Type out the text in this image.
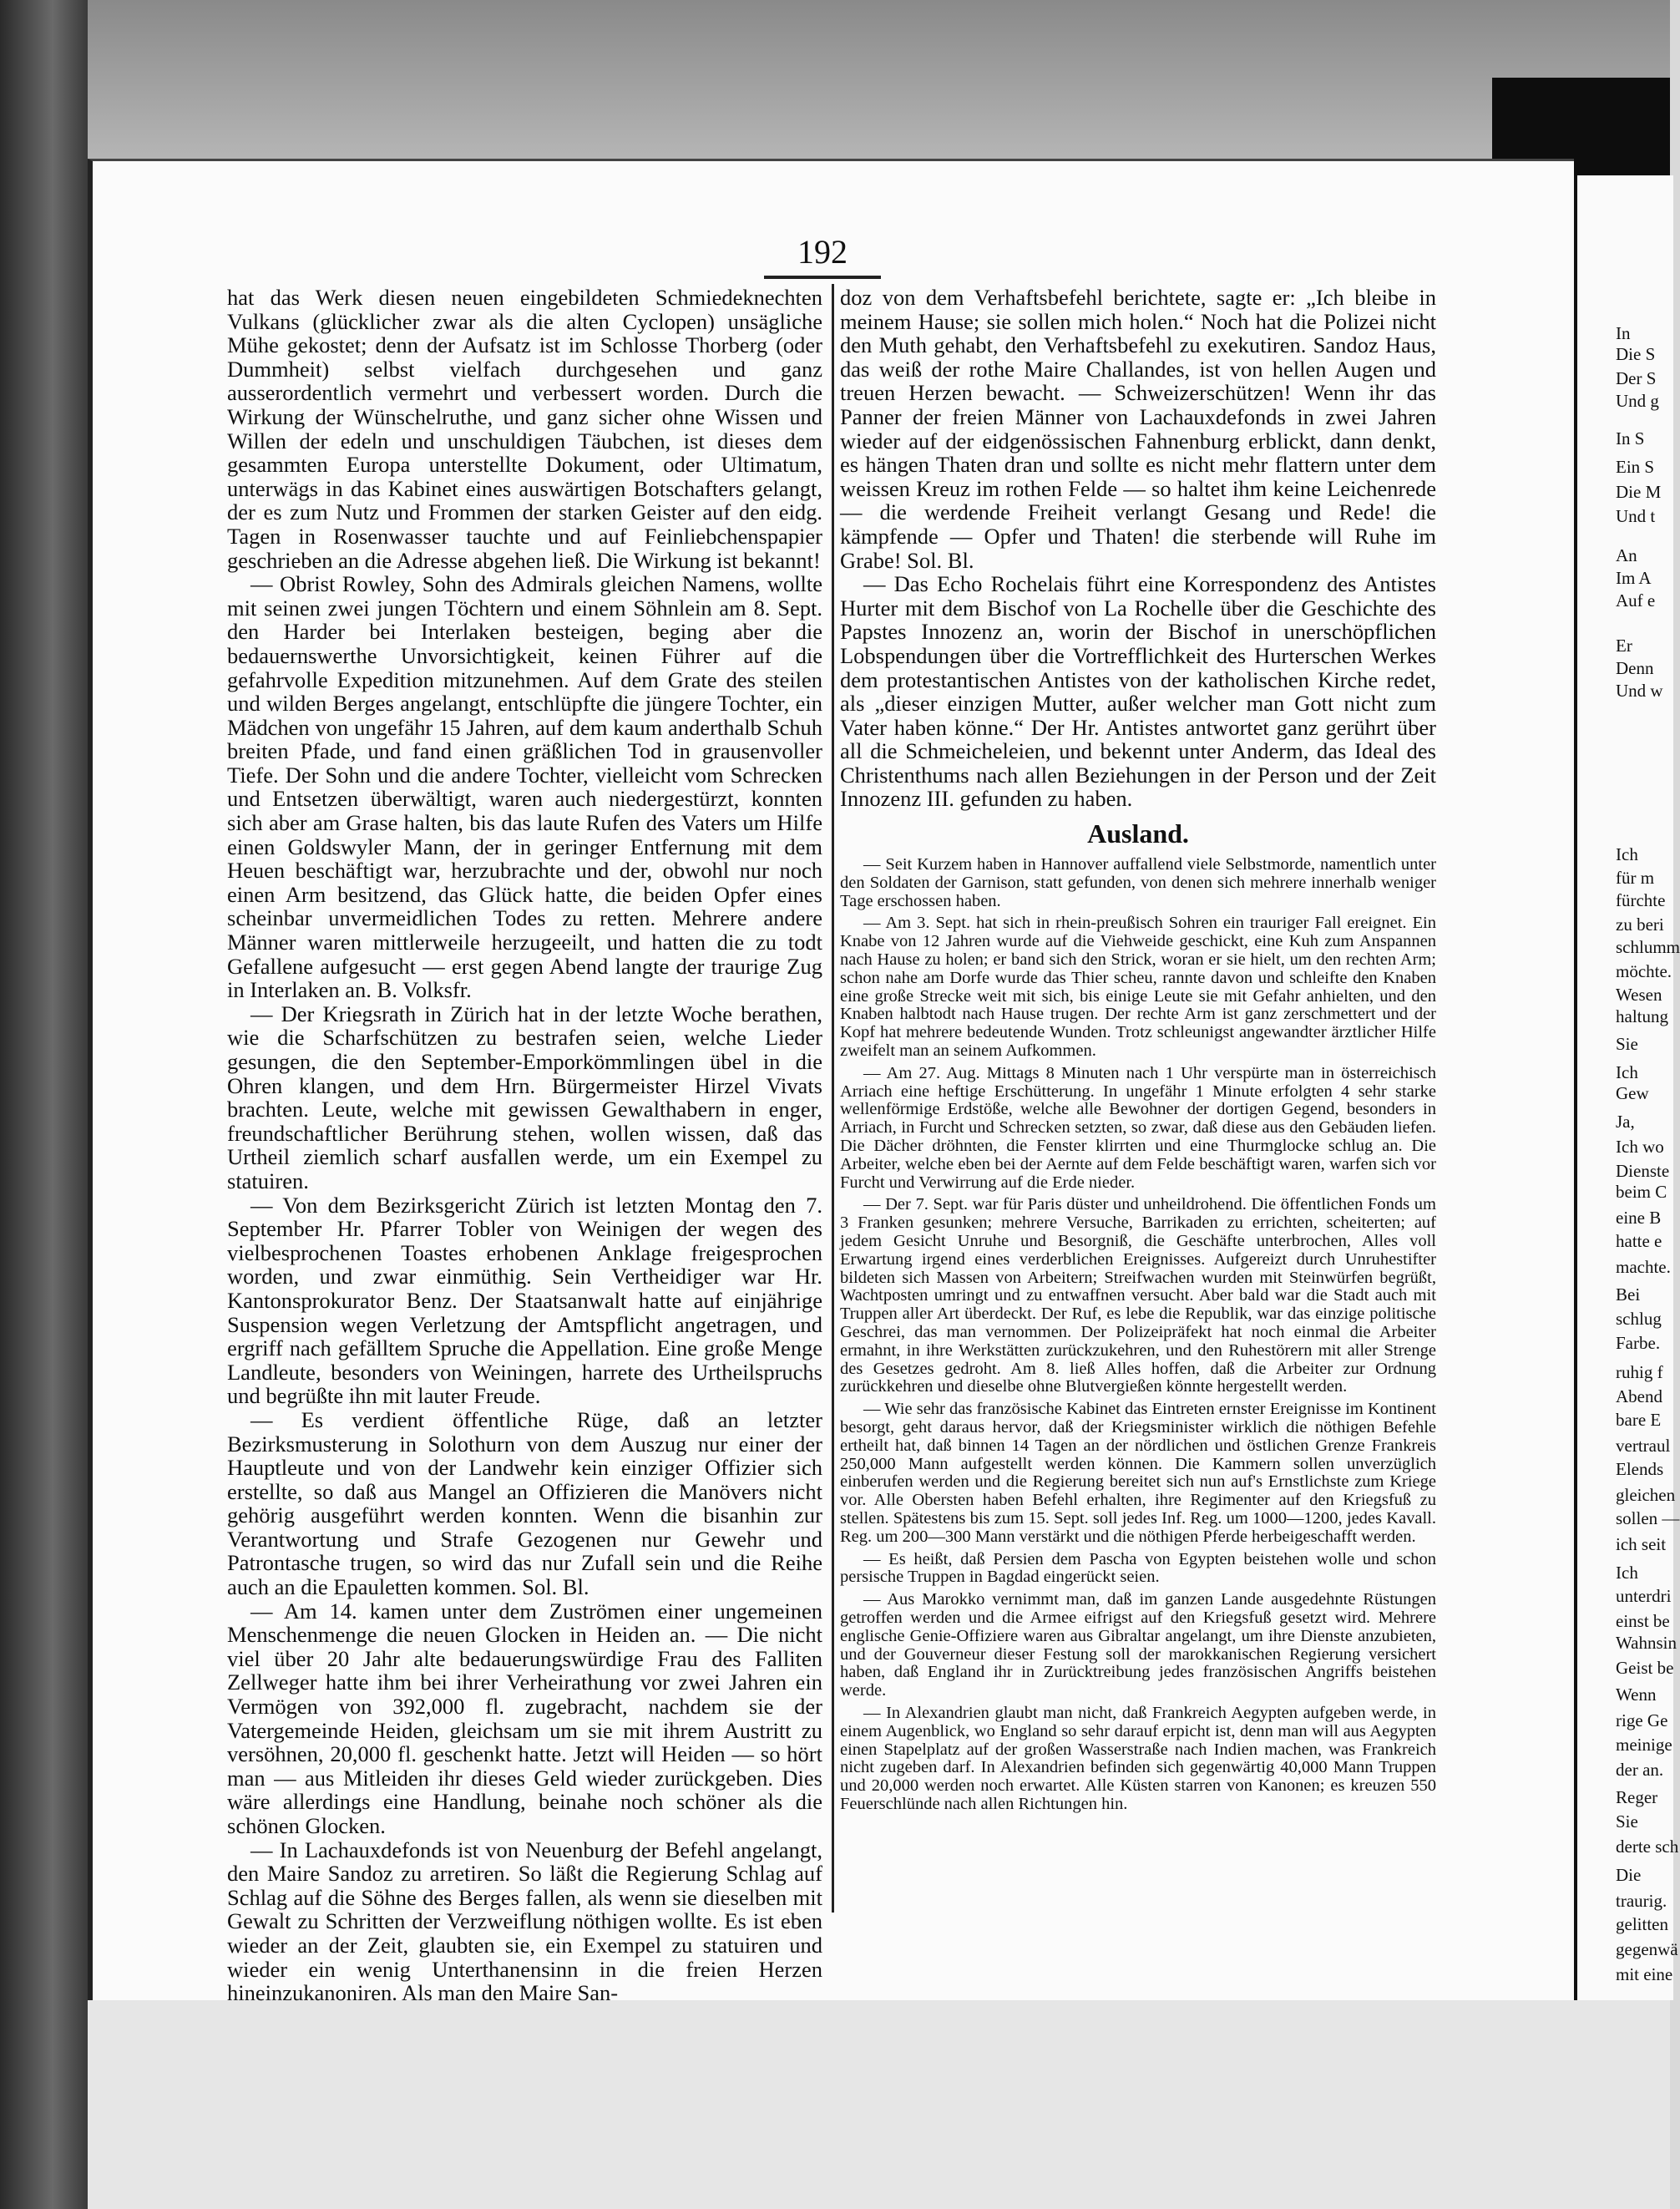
192

hat das Werk diesen neuen eingebildeten Schmiedeknechten Vulkans (glücklicher zwar als die alten Cyclopen) unsägliche Mühe gekostet; denn der Aufsatz ist im Schlosse Thorberg (oder Dummheit) selbst vielfach durchgesehen und ganz ausserordentlich vermehrt und verbessert worden. Durch die Wirkung der Wünschelruthe, und ganz sicher ohne Wissen und Willen der edeln und unschuldigen Täubchen, ist dieses dem gesammten Europa unterstellte Dokument, oder Ultimatum, unterwägs in das Kabinet eines auswärtigen Botschafters gelangt, der es zum Nutz und Frommen der starken Geister auf den eidg. Tagen in Rosenwasser tauchte und auf Feinliebchenspapier geschrieben an die Adresse abgehen ließ. Die Wirkung ist bekannt!

— Obrist Rowley, Sohn des Admirals gleichen Namens, wollte mit seinen zwei jungen Töchtern und einem Söhnlein am 8. Sept. den Harder bei Interlaken besteigen, beging aber die bedauernswerthe Unvorsichtigkeit, keinen Führer auf die gefahrvolle Expedition mitzunehmen. Auf dem Grate des steilen und wilden Berges angelangt, entschlüpfte die jüngere Tochter, ein Mädchen von ungefähr 15 Jahren, auf dem kaum anderthalb Schuh breiten Pfade, und fand einen gräßlichen Tod in grausenvoller Tiefe. Der Sohn und die andere Tochter, vielleicht vom Schrecken und Entsetzen überwältigt, waren auch niedergestürzt, konnten sich aber am Grase halten, bis das laute Rufen des Vaters um Hilfe einen Goldswyler Mann, der in geringer Entfernung mit dem Heuen beschäftigt war, herzubrachte und der, obwohl nur noch einen Arm besitzend, das Glück hatte, die beiden Opfer eines scheinbar unvermeidlichen Todes zu retten. Mehrere andere Männer waren mittlerweile herzugeeilt, und hatten die zu todt Gefallene aufgesucht — erst gegen Abend langte der traurige Zug in Interlaken an. B. Volksfr.

— Der Kriegsrath in Zürich hat in der letzte Woche berathen, wie die Scharfschützen zu bestrafen seien, welche Lieder gesungen, die den September-Emporkömmlingen übel in die Ohren klangen, und dem Hrn. Bürgermeister Hirzel Vivats brachten. Leute, welche mit gewissen Gewalthabern in enger, freundschaftlicher Berührung stehen, wollen wissen, daß das Urtheil ziemlich scharf ausfallen werde, um ein Exempel zu statuiren.

— Von dem Bezirksgericht Zürich ist letzten Montag den 7. September Hr. Pfarrer Tobler von Weinigen der wegen des vielbesprochenen Toastes erhobenen Anklage freigesprochen worden, und zwar einmüthig. Sein Vertheidiger war Hr. Kantonsprokurator Benz. Der Staatsanwalt hatte auf einjährige Suspension wegen Verletzung der Amtspflicht angetragen, und ergriff nach gefälltem Spruche die Appellation. Eine große Menge Landleute, besonders von Weiningen, harrete des Urtheilspruchs und begrüßte ihn mit lauter Freude.

— Es verdient öffentliche Rüge, daß an letzter Bezirksmusterung in Solothurn von dem Auszug nur einer der Hauptleute und von der Landwehr kein einziger Offizier sich erstellte, so daß aus Mangel an Offizieren die Manövers nicht gehörig ausgeführt werden konnten. Wenn die bisanhin zur Verantwortung und Strafe Gezogenen nur Gewehr und Patrontasche trugen, so wird das nur Zufall sein und die Reihe auch an die Epauletten kommen. Sol. Bl.

— Am 14. kamen unter dem Zuströmen einer ungemeinen Menschenmenge die neuen Glocken in Heiden an. — Die nicht viel über 20 Jahr alte bedauerungswürdige Frau des Falliten Zellweger hatte ihm bei ihrer Verheirathung vor zwei Jahren ein Vermögen von 392,000 fl. zugebracht, nachdem sie der Vatergemeinde Heiden, gleichsam um sie mit ihrem Austritt zu versöhnen, 20,000 fl. geschenkt hatte. Jetzt will Heiden — so hört man — aus Mitleiden ihr dieses Geld wieder zurückgeben. Dies wäre allerdings eine Handlung, beinahe noch schöner als die schönen Glocken.

— In Lachauxdefonds ist von Neuenburg der Befehl angelangt, den Maire Sandoz zu arretiren. So läßt die Regierung Schlag auf Schlag auf die Söhne des Berges fallen, als wenn sie dieselben mit Gewalt zu Schritten der Verzweiflung nöthigen wollte. Es ist eben wieder an der Zeit, glaubten sie, ein Exempel zu statuiren und wieder ein wenig Unterthanensinn in die freien Herzen hineinzukanoniren. Als man den Maire San-

doz von dem Verhaftsbefehl berichtete, sagte er: „Ich bleibe in meinem Hause; sie sollen mich holen.“ Noch hat die Polizei nicht den Muth gehabt, den Verhaftsbefehl zu exekutiren. Sandoz Haus, das weiß der rothe Maire Challandes, ist von hellen Augen und treuen Herzen bewacht. — Schweizerschützen! Wenn ihr das Panner der freien Männer von Lachauxdefonds in zwei Jahren wieder auf der eidgenössischen Fahnenburg erblickt, dann denkt, es hängen Thaten dran und sollte es nicht mehr flattern unter dem weissen Kreuz im rothen Felde — so haltet ihm keine Leichenrede — die werdende Freiheit verlangt Gesang und Rede! die kämpfende — Opfer und Thaten! die sterbende will Ruhe im Grabe! Sol. Bl.

— Das Echo Rochelais führt eine Korrespondenz des Antistes Hurter mit dem Bischof von La Rochelle über die Geschichte des Papstes Innozenz an, worin der Bischof in unerschöpflichen Lobspendungen über die Vortrefflichkeit des Hurterschen Werkes dem protestantischen Antistes von der katholischen Kirche redet, als „dieser einzigen Mutter, außer welcher man Gott nicht zum Vater haben könne.“ Der Hr. Antistes antwortet ganz gerührt über all die Schmeicheleien, und bekennt unter Anderm, das Ideal des Christenthums nach allen Beziehungen in der Person und der Zeit Innozenz III. gefunden zu haben.

Ausland.

— Seit Kurzem haben in Hannover auffallend viele Selbstmorde, namentlich unter den Soldaten der Garnison, statt gefunden, von denen sich mehrere innerhalb weniger Tage erschossen haben.

— Am 3. Sept. hat sich in rhein-preußisch Sohren ein trauriger Fall ereignet. Ein Knabe von 12 Jahren wurde auf die Viehweide geschickt, eine Kuh zum Anspannen nach Hause zu holen; er band sich den Strick, woran er sie hielt, um den rechten Arm; schon nahe am Dorfe wurde das Thier scheu, rannte davon und schleifte den Knaben eine große Strecke weit mit sich, bis einige Leute sie mit Gefahr anhielten, und den Knaben halbtodt nach Hause trugen. Der rechte Arm ist ganz zerschmettert und der Kopf hat mehrere bedeutende Wunden. Trotz schleunigst angewandter ärztlicher Hilfe zweifelt man an seinem Aufkommen.

— Am 27. Aug. Mittags 8 Minuten nach 1 Uhr verspürte man in österreichisch Arriach eine heftige Erschütterung. In ungefähr 1 Minute erfolgten 4 sehr starke wellenförmige Erdstöße, welche alle Bewohner der dortigen Gegend, besonders in Arriach, in Furcht und Schrecken setzten, so zwar, daß diese aus den Gebäuden liefen. Die Dächer dröhnten, die Fenster klirrten und eine Thurmglocke schlug an. Die Arbeiter, welche eben bei der Aernte auf dem Felde beschäftigt waren, warfen sich vor Furcht und Verwirrung auf die Erde nieder.

— Der 7. Sept. war für Paris düster und unheildrohend. Die öffentlichen Fonds um 3 Franken gesunken; mehrere Versuche, Barrikaden zu errichten, scheiterten; auf jedem Gesicht Unruhe und Besorgniß, die Geschäfte unterbrochen, Alles voll Erwartung irgend eines verderblichen Ereignisses. Aufgereizt durch Unruhestifter bildeten sich Massen von Arbeitern; Streifwachen wurden mit Steinwürfen begrüßt, Wachtposten umringt und zu entwaffnen versucht. Aber bald war die Stadt auch mit Truppen aller Art überdeckt. Der Ruf, es lebe die Republik, war das einzige politische Geschrei, das man vernommen. Der Polizeipräfekt hat noch einmal die Arbeiter ermahnt, in ihre Werkstätten zurückzukehren, und den Ruhestörern mit aller Strenge des Gesetzes gedroht. Am 8. ließ Alles hoffen, daß die Arbeiter zur Ordnung zurückkehren und dieselbe ohne Blutvergießen könnte hergestellt werden.

— Wie sehr das französische Kabinet das Eintreten ernster Ereignisse im Kontinent besorgt, geht daraus hervor, daß der Kriegsminister wirklich die nöthigen Befehle ertheilt hat, daß binnen 14 Tagen an der nördlichen und östlichen Grenze Frankreis 250,000 Mann aufgestellt werden können. Die Kammern sollen unverzüglich einberufen werden und die Regierung bereitet sich nun auf's Ernstlichste zum Kriege vor. Alle Obersten haben Befehl erhalten, ihre Regimenter auf den Kriegsfuß zu stellen. Spätestens bis zum 15. Sept. soll jedes Inf. Reg. um 1000—1200, jedes Kavall. Reg. um 200—300 Mann verstärkt und die nöthigen Pferde herbeigeschafft werden.

— Es heißt, daß Persien dem Pascha von Egypten beistehen wolle und schon persische Truppen in Bagdad eingerückt seien.

— Aus Marokko vernimmt man, daß im ganzen Lande ausgedehnte Rüstungen getroffen werden und die Armee eifrigst auf den Kriegsfuß gesetzt wird. Mehrere englische Genie-Offiziere waren aus Gibraltar angelangt, um ihre Dienste anzubieten, und der Gouverneur dieser Festung soll der marokkanischen Regierung versichert haben, daß England ihr in Zurücktreibung jedes französischen Angriffs beistehen werde.

— In Alexandrien glaubt man nicht, daß Frankreich Aegypten aufgeben werde, in einem Augenblick, wo England so sehr darauf erpicht ist, denn man will aus Aegypten einen Stapelplatz auf der großen Wasserstraße nach Indien machen, was Frankreich nicht zugeben darf. In Alexandrien befinden sich gegenwärtig 40,000 Mann Truppen und 20,000 werden noch erwartet. Alle Küsten starren von Kanonen; es kreuzen 550 Feuerschlünde nach allen Richtungen hin.

In
Die S
Der S
Und g
In S
Ein S
Die M
Und t
An
Im A
Auf e
Er
Denn
Und w
Ich
für m
fürchte
zu beri
schlumm
möchte.
Wesen
haltung
Sie
Ich
Gew
Ja,
Ich wo
Dienste
beim C
eine B
hatte e
machte.
Bei
schlug
Farbe.
ruhig f
Abend
bare E
vertraul
Elends
gleichen
sollen —
ich seit
Ich
unterdri
einst be
Wahnsin
Geist be
Wenn
rige Ge
meinige
der an.
Reger
Sie
derte sch
Die
traurig.
gelitten
gegenwä
mit eine
